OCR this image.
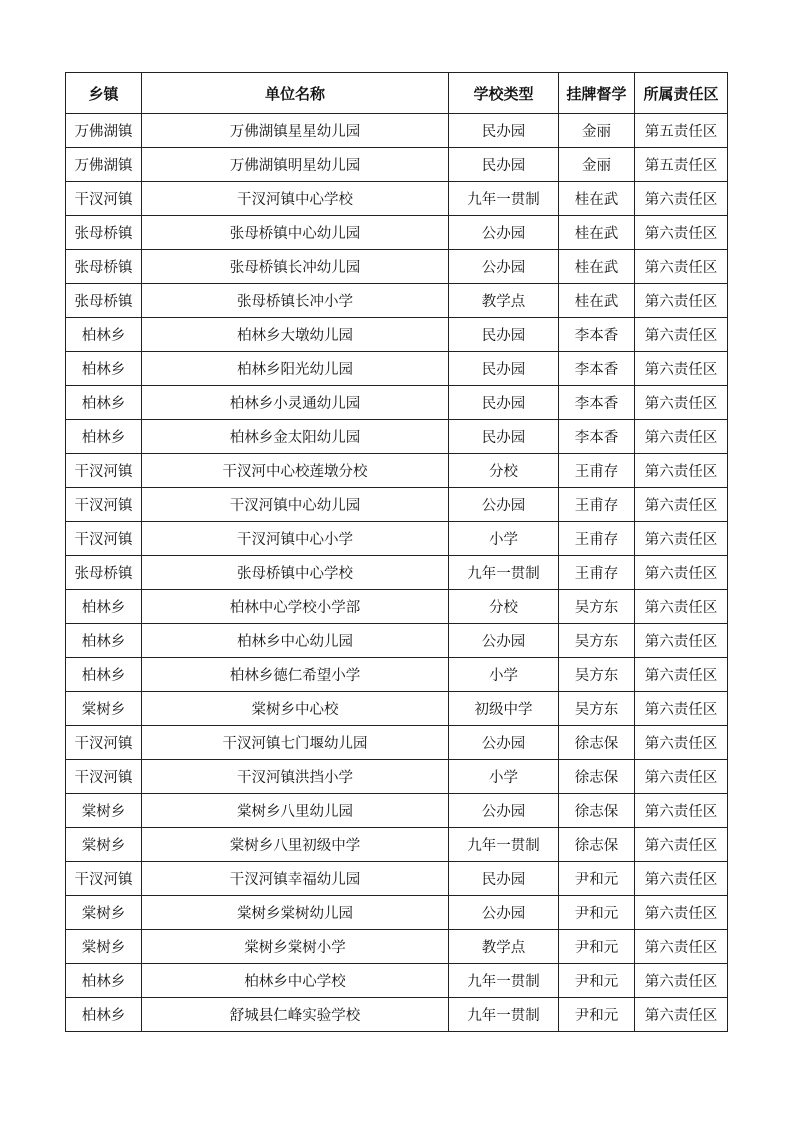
乡镇	单位名称	学校类型	挂牌督学	所属责任区
万佛湖镇	万佛湖镇星星幼儿园	民办园	金丽	第五责任区
万佛湖镇	万佛湖镇明星幼儿园	民办园	金丽	第五责任区
干汊河镇	干汊河镇中心学校	九年一贯制	桂在武	第六责任区
张母桥镇	张母桥镇中心幼儿园	公办园	桂在武	第六责任区
张母桥镇	张母桥镇长冲幼儿园	公办园	桂在武	第六责任区
张母桥镇	张母桥镇长冲小学	教学点	桂在武	第六责任区
柏林乡	柏林乡大墩幼儿园	民办园	李本香	第六责任区
柏林乡	柏林乡阳光幼儿园	民办园	李本香	第六责任区
柏林乡	柏林乡小灵通幼儿园	民办园	李本香	第六责任区
柏林乡	柏林乡金太阳幼儿园	民办园	李本香	第六责任区
干汊河镇	干汊河中心校莲墩分校	分校	王甫存	第六责任区
干汊河镇	干汊河镇中心幼儿园	公办园	王甫存	第六责任区
干汊河镇	干汊河镇中心小学	小学	王甫存	第六责任区
张母桥镇	张母桥镇中心学校	九年一贯制	王甫存	第六责任区
柏林乡	柏林中心学校小学部	分校	吴方东	第六责任区
柏林乡	柏林乡中心幼儿园	公办园	吴方东	第六责任区
柏林乡	柏林乡德仁希望小学	小学	吴方东	第六责任区
棠树乡	棠树乡中心校	初级中学	吴方东	第六责任区
干汊河镇	干汊河镇七门堰幼儿园	公办园	徐志保	第六责任区
干汊河镇	干汊河镇洪挡小学	小学	徐志保	第六责任区
棠树乡	棠树乡八里幼儿园	公办园	徐志保	第六责任区
棠树乡	棠树乡八里初级中学	九年一贯制	徐志保	第六责任区
干汊河镇	干汊河镇幸福幼儿园	民办园	尹和元	第六责任区
棠树乡	棠树乡棠树幼儿园	公办园	尹和元	第六责任区
棠树乡	棠树乡棠树小学	教学点	尹和元	第六责任区
柏林乡	柏林乡中心学校	九年一贯制	尹和元	第六责任区
柏林乡	舒城县仁峰实验学校	九年一贯制	尹和元	第六责任区
